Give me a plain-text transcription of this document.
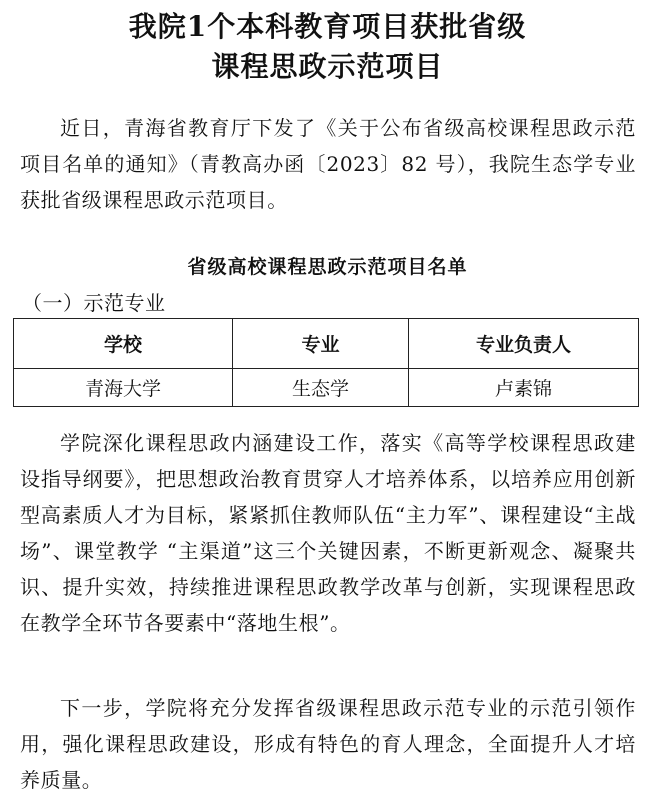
我院1个本科教育项目获批省级
课程思政示范项目

近日，青海省教育厅下发了《关于公布省级高校课程思政示范项目名单的通知》（青教高办函〔2023〕82 号），我院生态学专业获批省级课程思政示范项目。

省级高校课程思政示范项目名单
（一）示范专业
学校	专业	专业负责人
青海大学	生态学	卢素锦

学院深化课程思政内涵建设工作，落实《高等学校课程思政建设指导纲要》，把思想政治教育贯穿人才培养体系，以培养应用创新型高素质人才为目标，紧紧抓住教师队伍“主力军”、课程建设“主战场”、课堂教学 “主渠道”这三个关键因素，不断更新观念、凝聚共识、提升实效，持续推进课程思政教学改革与创新，实现课程思政在教学全环节各要素中“落地生根”。

下一步，学院将充分发挥省级课程思政示范专业的示范引领作用，强化课程思政建设，形成有特色的育人理念，全面提升人才培养质量。
